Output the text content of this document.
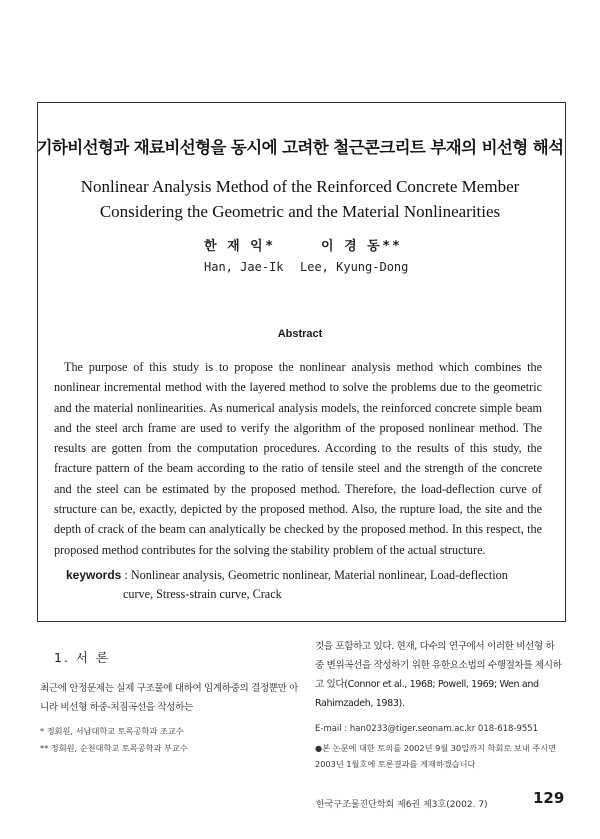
기하비선형과 재료비선형을 동시에 고려한 철근콘크리트 부재의 비선형 해석
Nonlinear Analysis Method of the Reinforced Concrete Member
Considering the Geometric and the Material Nonlinearities
한 재 익*	이 경 동**
Han, Jae-Ik Lee, Kyung-Dong
Abstract

The purpose of this study is to propose the nonlinear analysis method which combines the nonlinear incremental method with the layered method to solve the problems due to the geometric and the material nonlinearities. As numerical analysis models, the reinforced concrete simple beam and the steel arch frame are used to verify the algorithm of the proposed nonlinear method. The results are gotten from the computation procedures. According to the results of this study, the fracture pattern of the beam according to the ratio of tensile steel and the strength of the concrete and the steel can be estimated by the proposed method. Therefore, the load-deflection curve of structure can be, exactly, depicted by the proposed method. Also, the rupture load, the site and the depth of crack of the beam can analytically be checked by the proposed method. In this respect, the proposed method contributes for the solving the stability problem of the actual structure.

keywords : Nonlinear analysis, Geometric nonlinear, Material nonlinear, Load-deflection
curve, Stress-strain curve, Crack
1. 서 론

최근에 안정문제는 실제 구조물에 대하여 임계하중의 결정뿐만 아니라 비선형 하중-처짐곡선을 작성하는

것을 포함하고 있다. 현재, 다수의 연구에서 이러한 비선형 하중 변위곡선을 작성하기 위한 유한요소법의 수행절차를 제시하고 있다(Connor et al., 1968; Powell, 1969; Wen and Rahimzadeh, 1983).

* 정회원, 서남대학교 토목공학과 조교수
** 정회원, 순천대학교 토목공학과 부교수
E-mail : han0233@tiger.seonam.ac.kr 018-618-9551
●본 논문에 대한 토의를 2002년 9월 30일까지 학회로 보내 주시면 2003년 1월호에 토론결과를 게재하겠습니다
한국구조물진단학회 제6권 제3호(2002. 7)	129
